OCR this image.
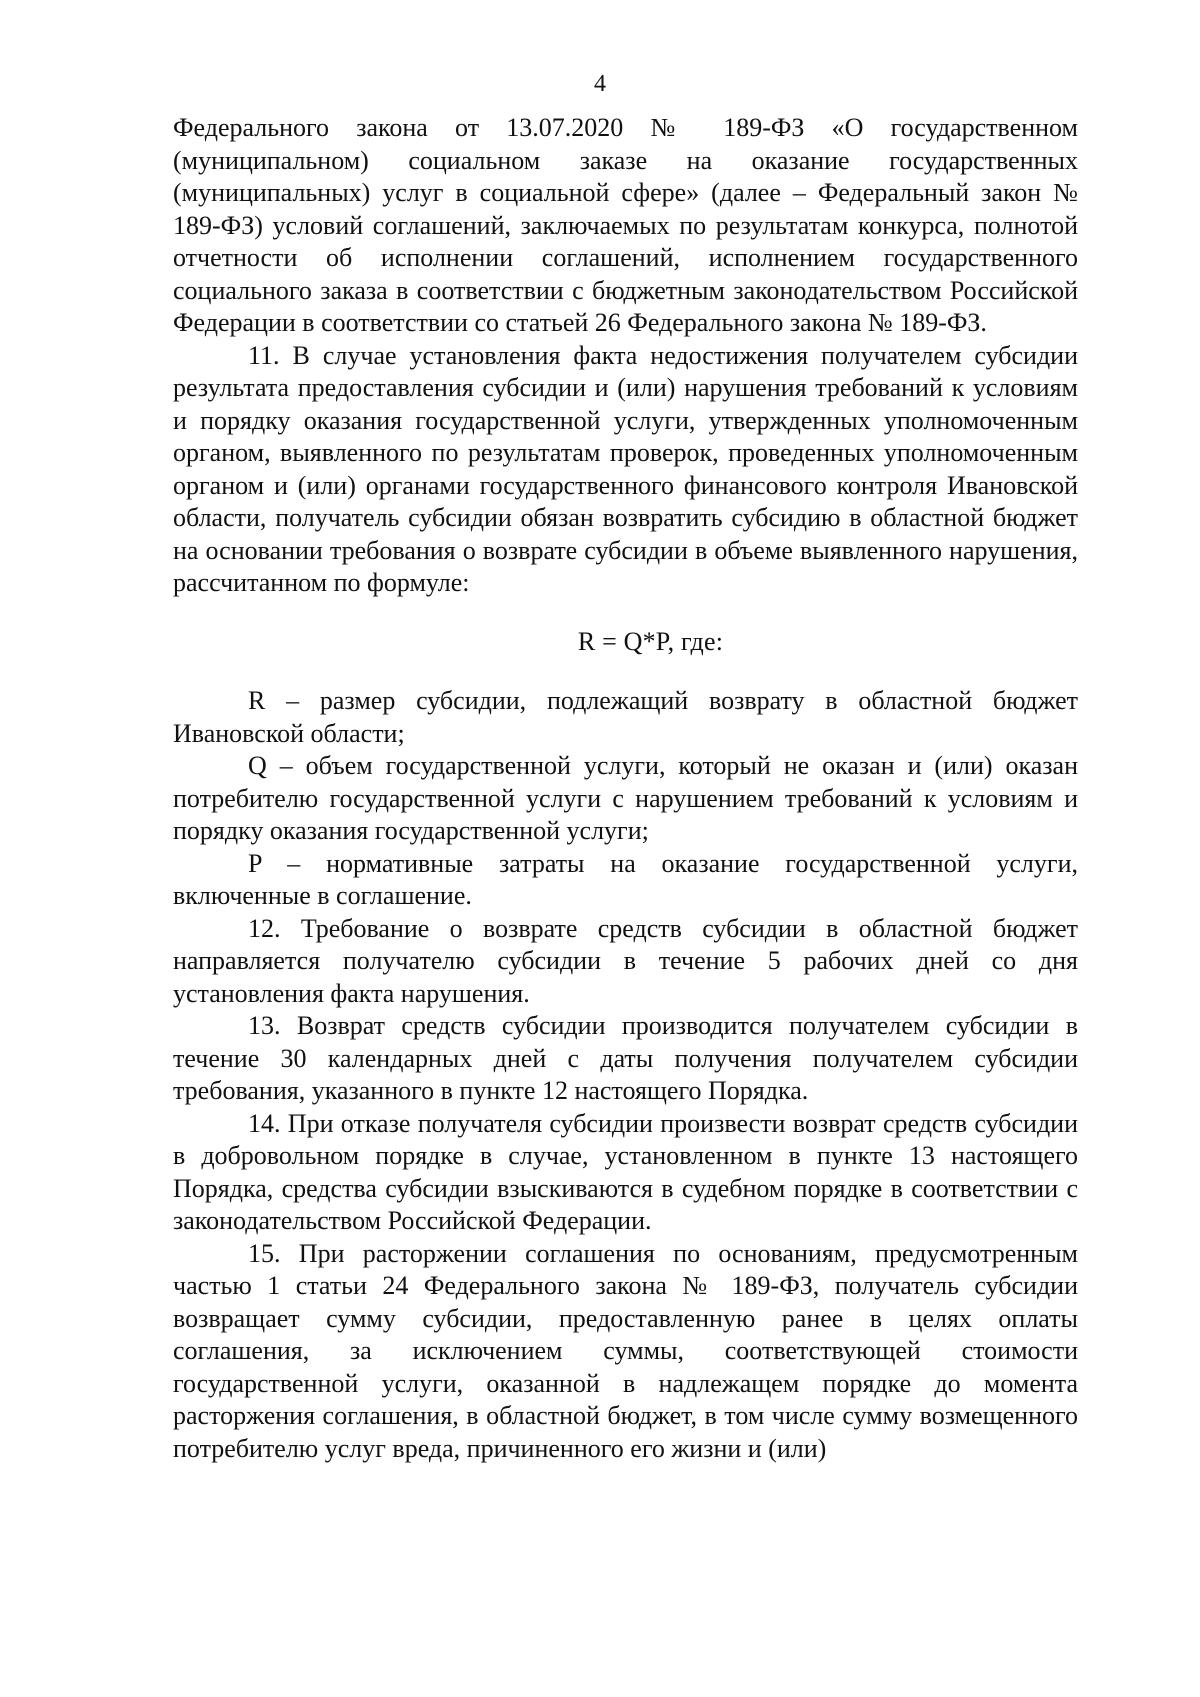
4

Федерального закона от 13.07.2020 № 189-ФЗ «О государственном (муниципальном) социальном заказе на оказание государственных (муниципальных) услуг в социальной сфере» (далее – Федеральный закон № 189-ФЗ) условий соглашений, заключаемых по результатам конкурса, полнотой отчетности об исполнении соглашений, исполнением государственного социального заказа в соответствии с бюджетным законодательством Российской Федерации в соответствии со статьей 26 Федерального закона № 189-ФЗ.

11. В случае установления факта недостижения получателем субсидии результата предоставления субсидии и (или) нарушения требований к условиям и порядку оказания государственной услуги, утвержденных уполномоченным органом, выявленного по результатам проверок, проведенных уполномоченным органом и (или) органами государственного финансового контроля Ивановской области, получатель субсидии обязан возвратить субсидию в областной бюджет на основании требования о возврате субсидии в объеме выявленного нарушения, рассчитанном по формуле:

R = Q*P, где:

R – размер субсидии, подлежащий возврату в областной бюджет Ивановской области;

Q – объем государственной услуги, который не оказан и (или) оказан потребителю государственной услуги с нарушением требований к условиям и порядку оказания государственной услуги;

P – нормативные затраты на оказание государственной услуги, включенные в соглашение.

12. Требование о возврате средств субсидии в областной бюджет направляется получателю субсидии в течение 5 рабочих дней со дня установления факта нарушения.

13. Возврат средств субсидии производится получателем субсидии в течение 30 календарных дней с даты получения получателем субсидии требования, указанного в пункте 12 настоящего Порядка.

14. При отказе получателя субсидии произвести возврат средств субсидии в добровольном порядке в случае, установленном в пункте 13 настоящего Порядка, средства субсидии взыскиваются в судебном порядке в соответствии с законодательством Российской Федерации.

15. При расторжении соглашения по основаниям, предусмотренным частью 1 статьи 24 Федерального закона № 189-ФЗ, получатель субсидии возвращает сумму субсидии, предоставленную ранее в целях оплаты соглашения, за исключением суммы, соответствующей стоимости государственной услуги, оказанной в надлежащем порядке до момента расторжения соглашения, в областной бюджет, в том числе сумму возмещенного потребителю услуг вреда, причиненного его жизни и (или)
